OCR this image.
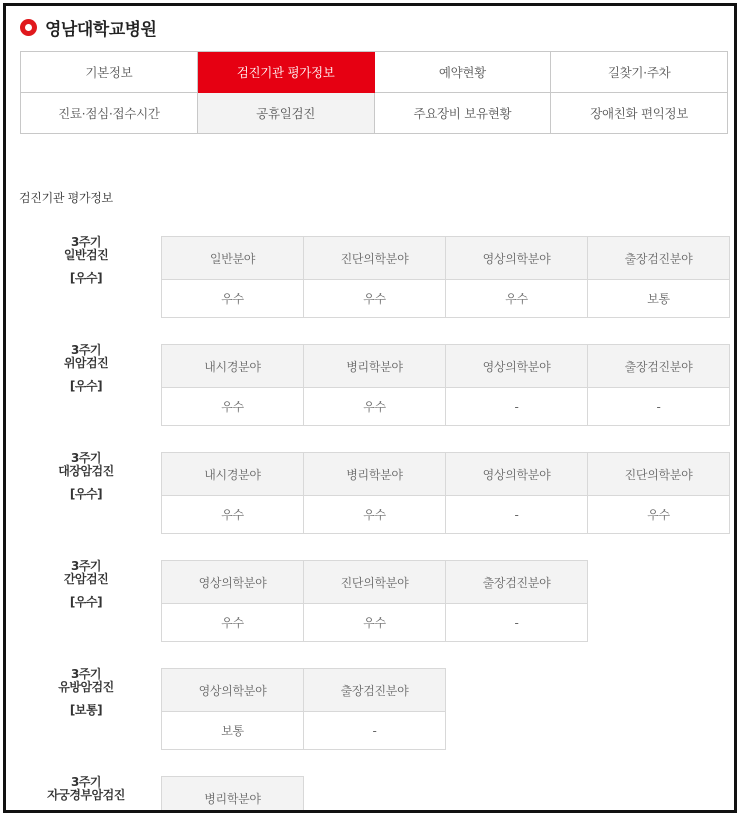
영남대학교병원
기본정보	검진기관 평가정보	예약현황	길찾기·주차
진료·점심·접수시간	공휴일검진	주요장비 보유현황	장애친화 편익정보
검진기관 평가정보
3주기
일반검진
[우수]
일반분야	진단의학분야	영상의학분야	출장검진분야
우수	우수	우수	보통
3주기
위암검진
[우수]
내시경분야	병리학분야	영상의학분야	출장검진분야
우수	우수	-	-
3주기
대장암검진
[우수]
내시경분야	병리학분야	영상의학분야	진단의학분야
우수	우수	-	우수
3주기
간암검진
[우수]
영상의학분야	진단의학분야	출장검진분야
우수	우수	-
3주기
유방암검진
[보통]
영상의학분야	출장검진분야
보통	-
3주기
자궁경부암검진	병리학분야
